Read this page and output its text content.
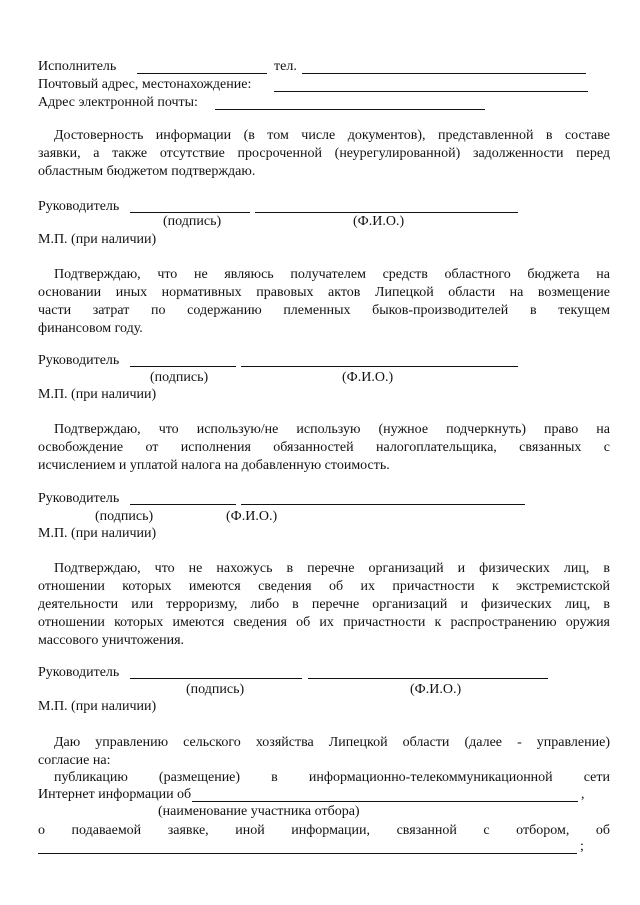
Исполнитель	тел.
Почтовый адрес, местонахождение:
Адрес электронной почты:
Достоверность информации (в том числе документов), представленной в составе
заявки, а также отсутствие просроченной (неурегулированной) задолженности перед
областным бюджетом подтверждаю.
Руководитель
(подпись)	(Ф.И.О.)
М.П. (при наличии)
Подтверждаю, что не являюсь получателем средств областного бюджета на
основании иных нормативных правовых актов Липецкой области на возмещение
части затрат по содержанию племенных быков-производителей в текущем
финансовом году.
Руководитель
(подпись)	(Ф.И.О.)
М.П. (при наличии)
Подтверждаю, что использую/не использую (нужное подчеркнуть) право на
освобождение от исполнения обязанностей налогоплательщика, связанных с
исчислением и уплатой налога на добавленную стоимость.
Руководитель
(подпись)	(Ф.И.О.)
М.П. (при наличии)
Подтверждаю, что не нахожусь в перечне организаций и физических лиц, в
отношении которых имеются сведения об их причастности к экстремистской
деятельности или терроризму, либо в перечне организаций и физических лиц, в
отношении которых имеются сведения об их причастности к распространению оружия
массового уничтожения.
Руководитель
(подпись)	(Ф.И.О.)
М.П. (при наличии)
Даю управлению сельского хозяйства Липецкой области (далее - управление)
согласие на:
публикацию (размещение) в информационно-телекоммуникационной сети
Интернет информации об	,
(наименование участника отбора)
о подаваемой заявке, иной информации, связанной с отбором, об
;
